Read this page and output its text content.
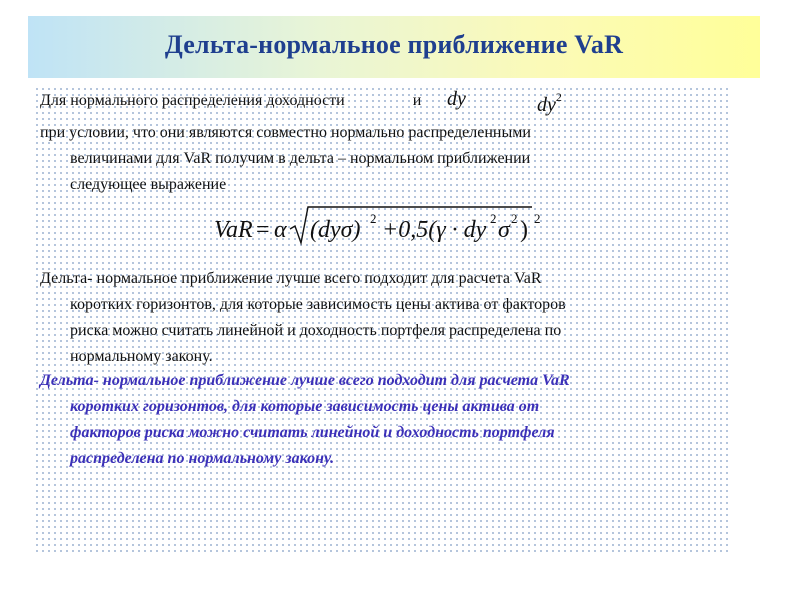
Дельта-нормальное приближение VaR

Для нормального распределения доходности	и dy	$dy^2$

при условии, что они являются совместно нормально распределенными
величинами для VaR получим в дельта – нормальном приближении
следующее выражение

VaR = α (dyσ) 2 +0,5(γ · dy 2 σ 2 ) 2

Дельта- нормальное приближение лучше всего подходит для расчета VaR
коротких горизонтов, для которые зависимость цены актива от факторов
риска можно считать линейной и доходность портфеля распределена по
нормальному закону.

Дельта- нормальное приближение лучше всего подходит для расчета VaR
коротких горизонтов, для которые зависимость цены актива от
факторов риска можно считать линейной и доходность портфеля
распределена по нормальному закону.
